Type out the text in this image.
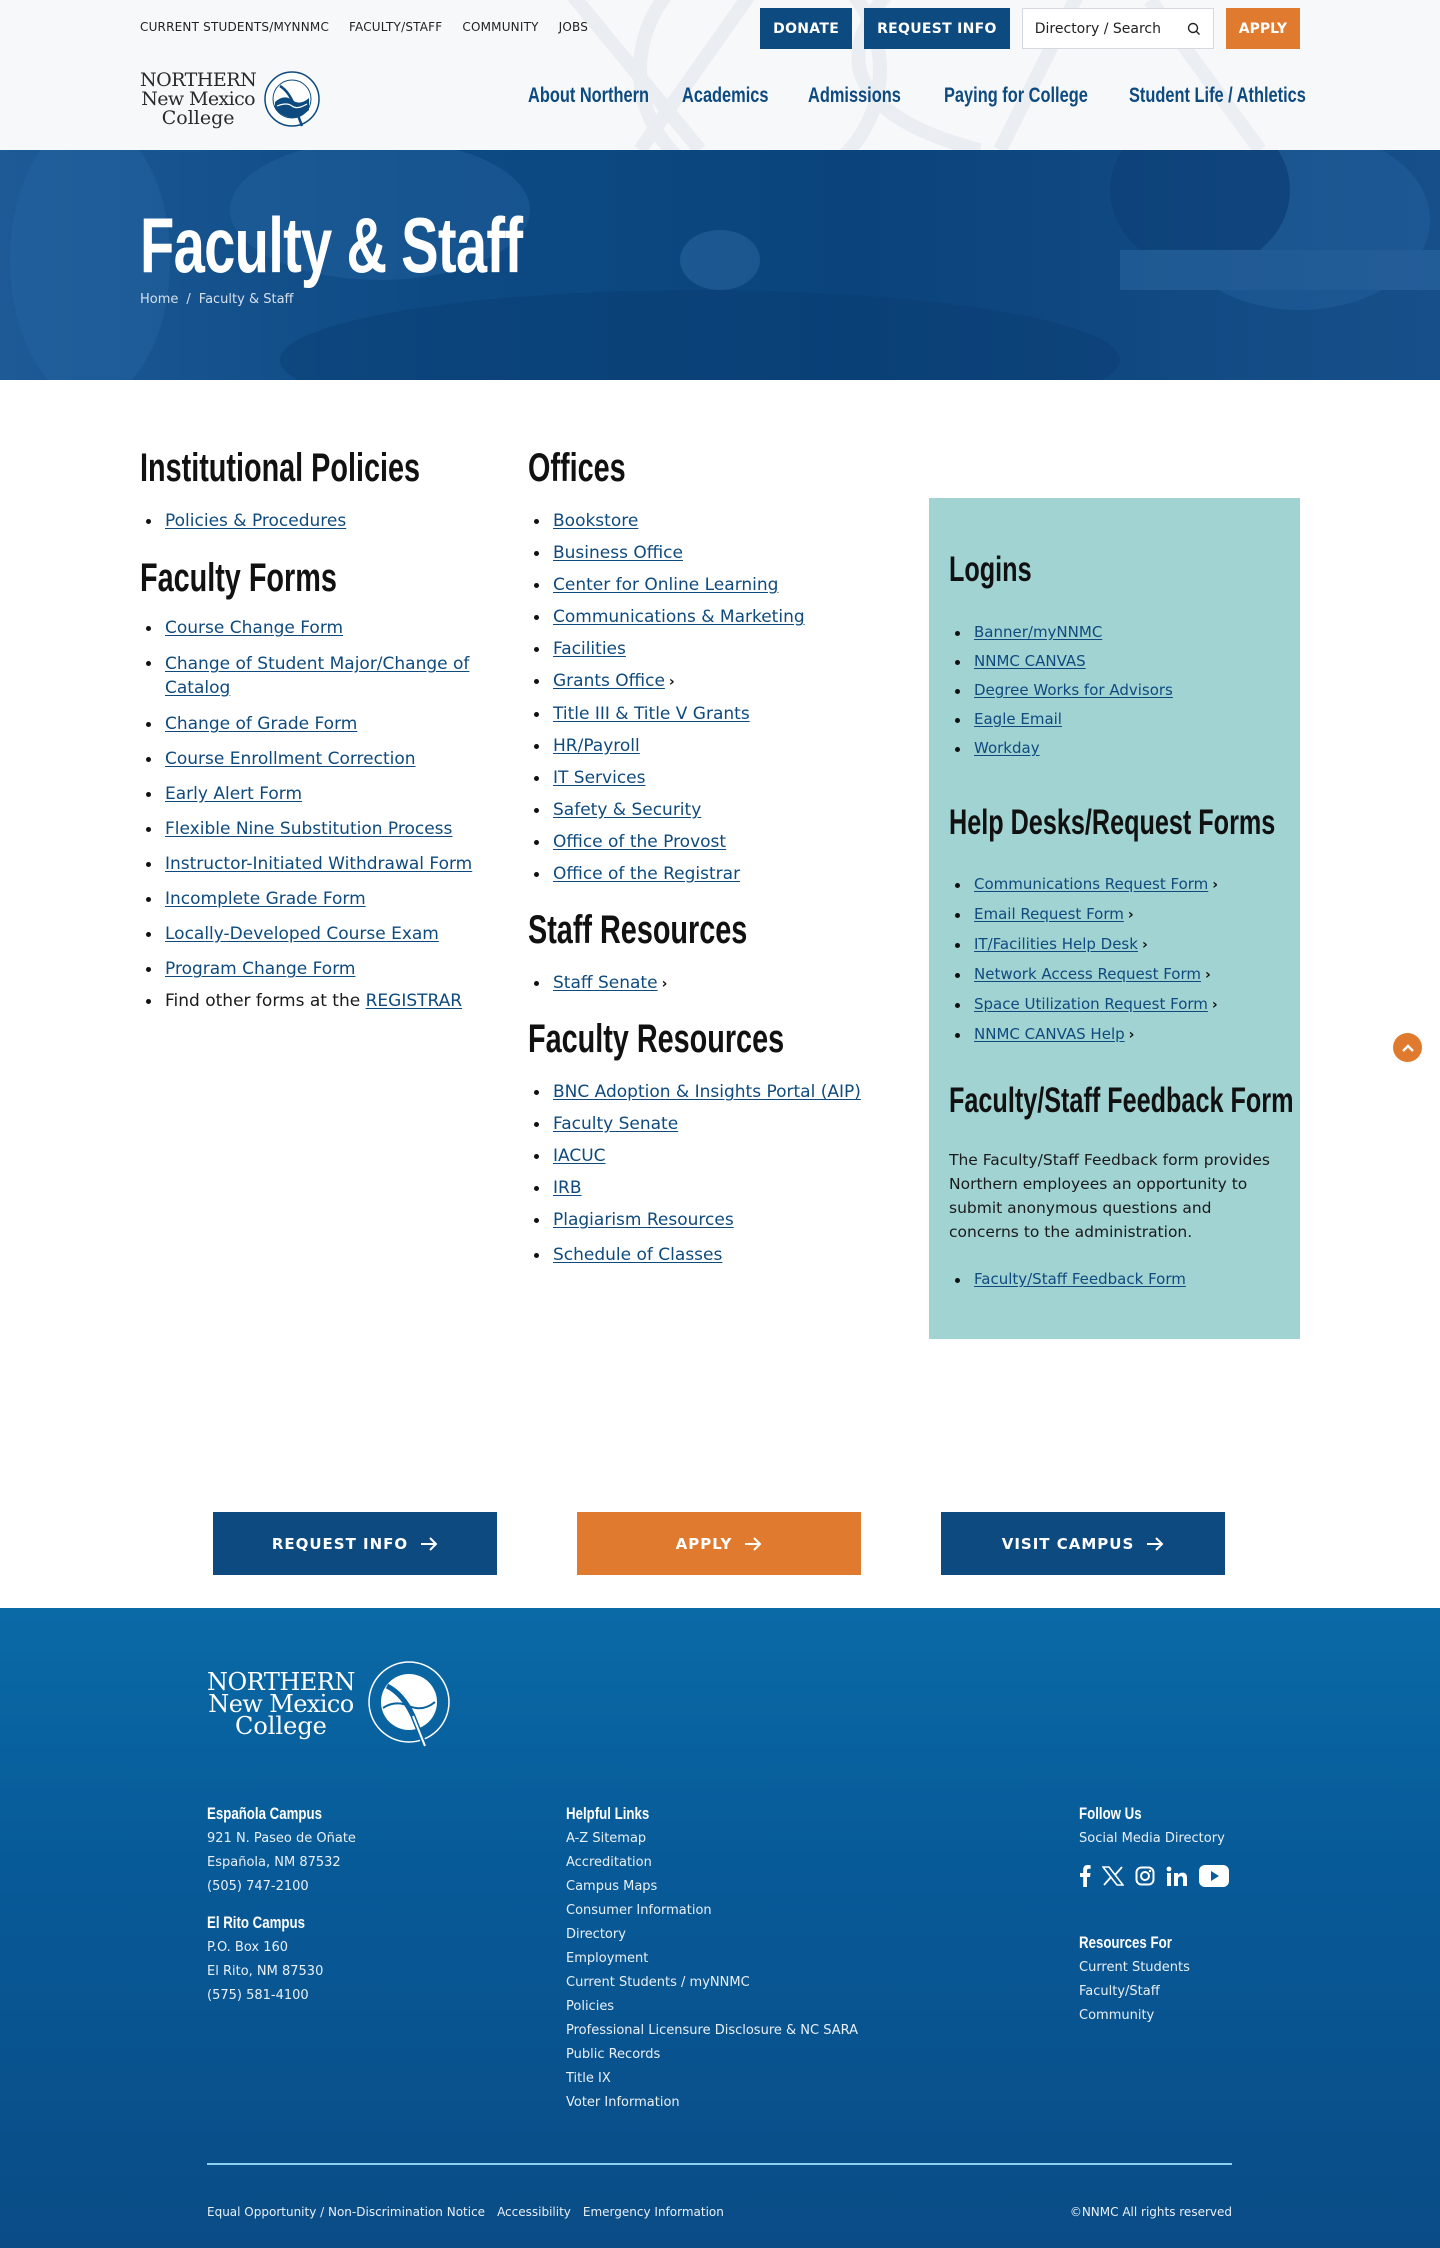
CURRENT STUDENTS/MYNNMC FACULTY/STAFF COMMUNITY JOBS	DONATE	REQUEST INFO	Directory / Search	APPLY
NORTHERN
New Mexico
College
About Northern Academics Admissions Paying for College Student Life / Athletics
Faculty & Staff
Home / Faculty & Staff
Institutional Policies
Policies & Procedures
Faculty Forms
Course Change Form
Change of Student Major/Change of
Catalog
Change of Grade Form
Course Enrollment Correction
Early Alert Form
Flexible Nine Substitution Process
Instructor-Initiated Withdrawal Form
Incomplete Grade Form
Locally-Developed Course Exam
Program Change Form
Find other forms at the REGISTRAR
Offices
Bookstore
Business Office
Center for Online Learning
Communications & Marketing
Facilities
Grants Office ›
Title III & Title V Grants
HR/Payroll
IT Services
Safety & Security
Office of the Provost
Office of the Registrar
Staff Resources
Staff Senate ›
Faculty Resources
BNC Adoption & Insights Portal (AIP)
Faculty Senate
IACUC
IRB
Plagiarism Resources
Schedule of Classes
Logins
Banner/myNNMC
NNMC CANVAS
Degree Works for Advisors
Eagle Email
Workday
Help Desks/Request Forms
Communications Request Form ›
Email Request Form ›
IT/Facilities Help Desk ›
Network Access Request Form ›
Space Utilization Request Form ›
NNMC CANVAS Help ›
Faculty/Staff Feedback Form

The Faculty/Staff Feedback form provides Northern employees an opportunity to submit anonymous questions and concerns to the administration.

Faculty/Staff Feedback Form
REQUEST INFO	APPLY	VISIT CAMPUS
NORTHERN
New Mexico
College
Española Campus
921 N. Paseo de Oñate
Española, NM 87532
(505) 747-2100
El Rito Campus
P.O. Box 160
El Rito, NM 87530
(575) 581-4100
Helpful Links
A-Z Sitemap
Accreditation
Campus Maps
Consumer Information
Directory
Employment
Current Students / myNNMC
Policies
Professional Licensure Disclosure & NC SARA
Public Records
Title IX
Voter Information
Follow Us
Social Media Directory
Resources For
Current Students
Faculty/Staff
Community
Equal Opportunity / Non-Discrimination Notice Accessibility Emergency Information	©NNMC All rights reserved
